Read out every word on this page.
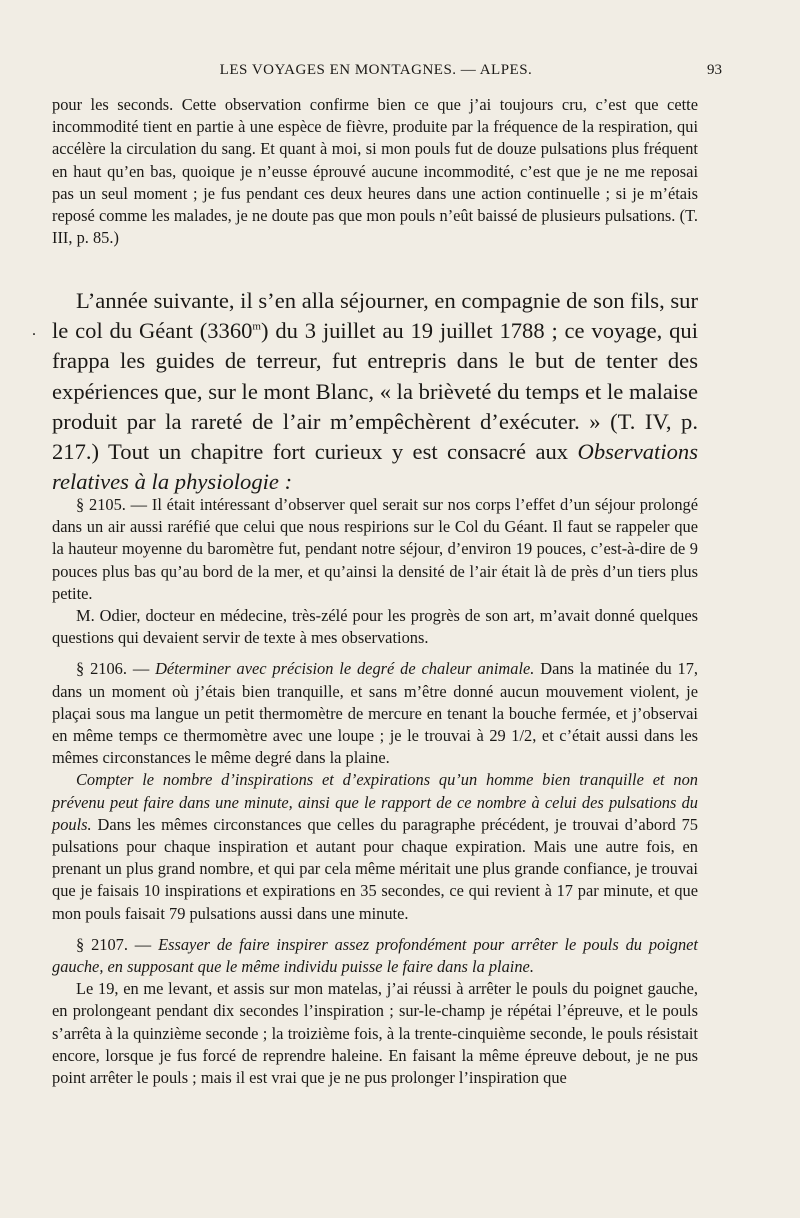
LES VOYAGES EN MONTAGNES. — ALPES.	93

pour les seconds. Cette observation confirme bien ce que j’ai toujours cru, c’est que cette incommodité tient en partie à une espèce de fièvre, produite par la fréquence de la respiration, qui accélère la circulation du sang. Et quant à moi, si mon pouls fut de douze pulsations plus fréquent en haut qu’en bas, quoique je n’eusse éprouvé aucune incommodité, c’est que je ne me reposai pas un seul moment ; je fus pendant ces deux heures dans une action continuelle ; si je m’étais reposé comme les malades, je ne doute pas que mon pouls n’eût baissé de plusieurs pulsations. (T. III, p. 85.)

.

L’année suivante, il s’en alla séjourner, en compagnie de son fils, sur le col du Géant (3360$^m$) du 3 juillet au 19 juillet 1788 ; ce voyage, qui frappa les guides de terreur, fut entrepris dans le but de tenter des expériences que, sur le mont Blanc, « la brièveté du temps et le malaise produit par la rareté de l’air m’empêchèrent d’exécuter. » (T. IV, p. 217.) Tout un chapitre fort curieux y est consacré aux Observations relatives à la physiologie :

§ 2105. — Il était intéressant d’observer quel serait sur nos corps l’effet d’un séjour prolongé dans un air aussi raréfié que celui que nous respirions sur le Col du Géant. Il faut se rappeler que la hauteur moyenne du baromètre fut, pendant notre séjour, d’environ 19 pouces, c’est-à-dire de 9 pouces plus bas qu’au bord de la mer, et qu’ainsi la densité de l’air était là de près d’un tiers plus petite.

M. Odier, docteur en médecine, très-zélé pour les progrès de son art, m’avait donné quelques questions qui devaient servir de texte à mes observations.

§ 2106. — Déterminer avec précision le degré de chaleur animale. Dans la matinée du 17, dans un moment où j’étais bien tranquille, et sans m’être donné aucun mouvement violent, je plaçai sous ma langue un petit thermomètre de mercure en tenant la bouche fermée, et j’observai en même temps ce thermomètre avec une loupe ; je le trouvai à 29 1/2, et c’était aussi dans les mêmes circonstances le même degré dans la plaine.

Compter le nombre d’inspirations et d’expirations qu’un homme bien tranquille et non prévenu peut faire dans une minute, ainsi que le rapport de ce nombre à celui des pulsations du pouls. Dans les mêmes circonstances que celles du paragraphe précédent, je trouvai d’abord 75 pulsations pour chaque inspiration et autant pour chaque expiration. Mais une autre fois, en prenant un plus grand nombre, et qui par cela même méritait une plus grande confiance, je trouvai que je faisais 10 inspirations et expirations en 35 secondes, ce qui revient à 17 par minute, et que mon pouls faisait 79 pulsations aussi dans une minute.

§ 2107. — Essayer de faire inspirer assez profondément pour arrêter le pouls du poignet gauche, en supposant que le même individu puisse le faire dans la plaine.

Le 19, en me levant, et assis sur mon matelas, j’ai réussi à arrêter le pouls du poignet gauche, en prolongeant pendant dix secondes l’inspiration ; sur-le-champ je répétai l’épreuve, et le pouls s’arrêta à la quinzième seconde ; la troizième fois, à la trente-cinquième seconde, le pouls résistait encore, lorsque je fus forcé de reprendre haleine. En faisant la même épreuve debout, je ne pus point arrêter le pouls ; mais il est vrai que je ne pus prolonger l’inspiration que
